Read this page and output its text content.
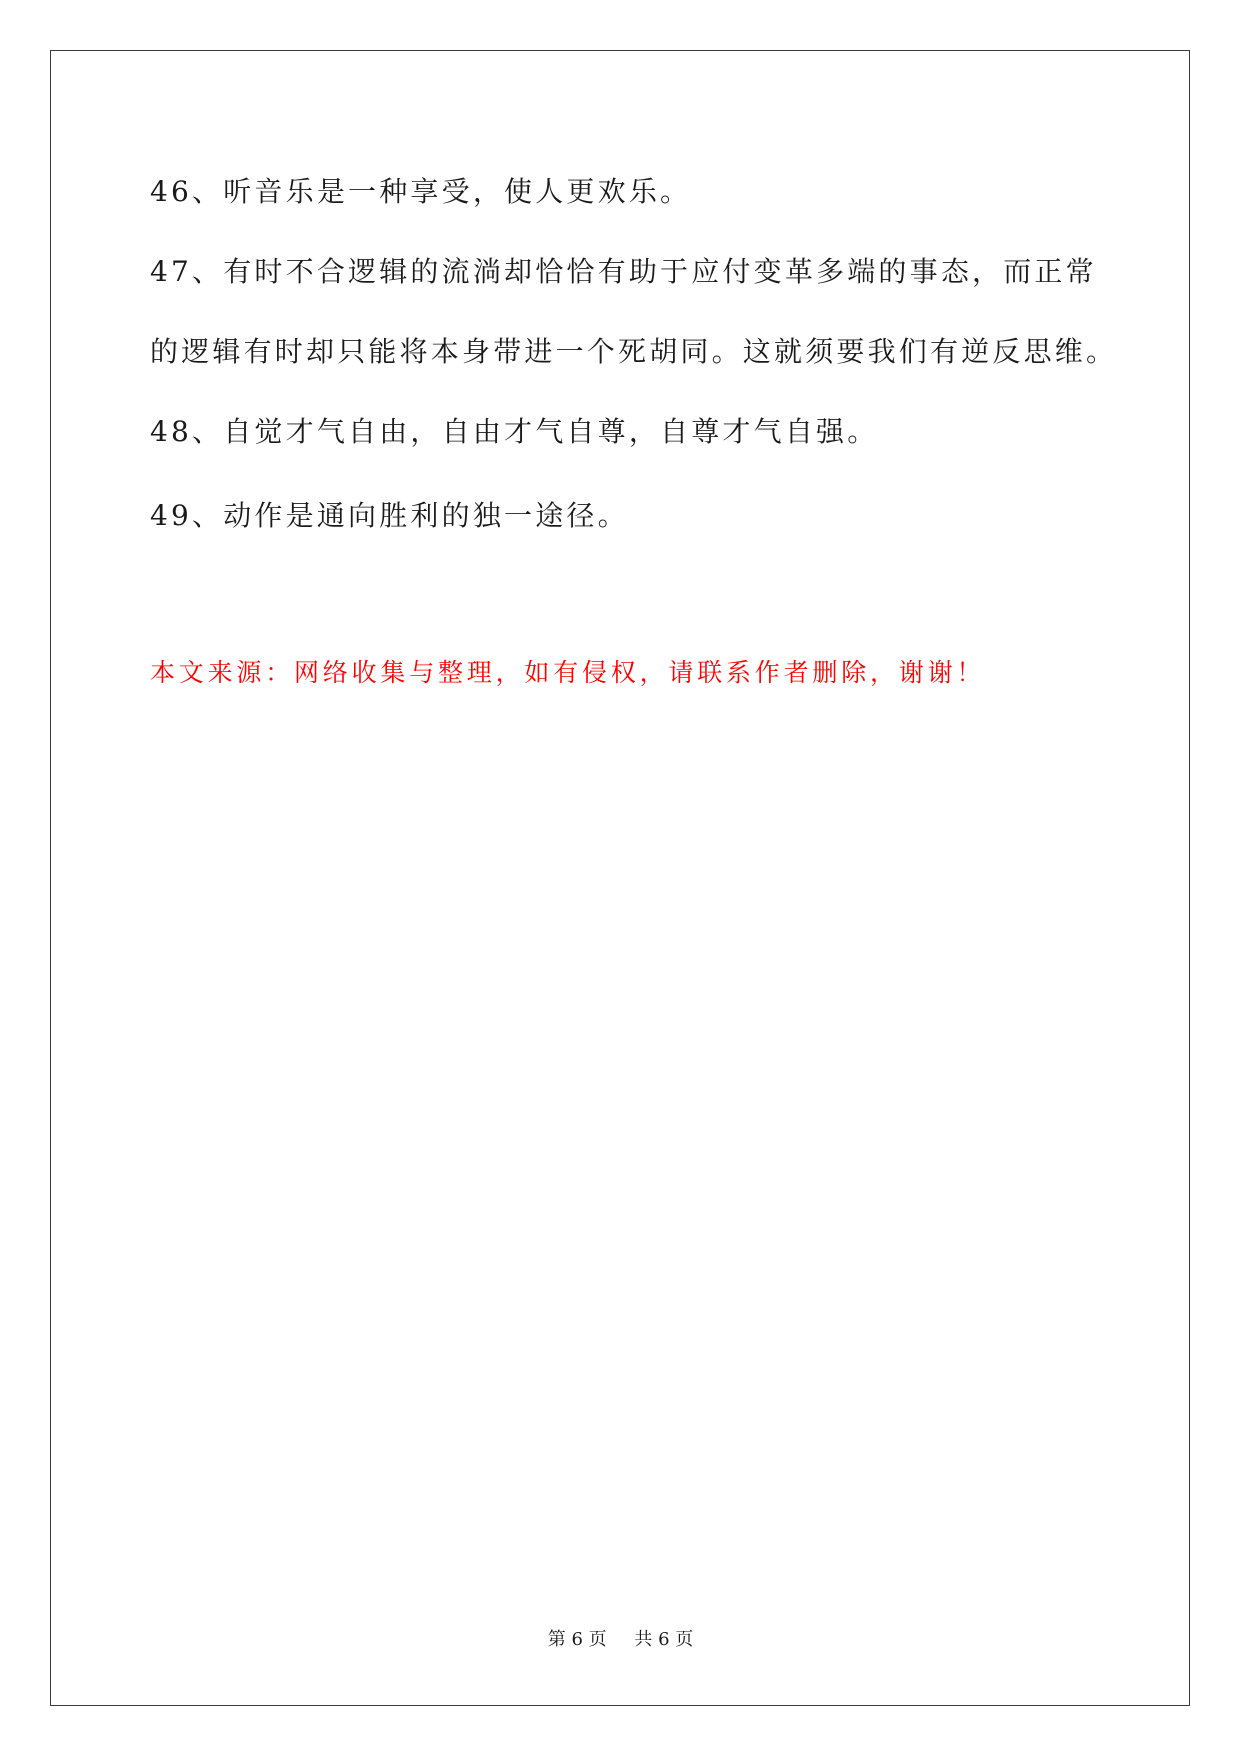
46、听音乐是一种享受，使人更欢乐。
47、有时不合逻辑的流淌却恰恰有助于应付变革多端的事态，而正常
的逻辑有时却只能将本身带进一个死胡同。这就须要我们有逆反思维。
48、自觉才气自由，自由才气自尊，自尊才气自强。
49、动作是通向胜利的独一途径。
本文来源：网络收集与整理，如有侵权，请联系作者删除，谢谢！
第 6 页 共 6 页
